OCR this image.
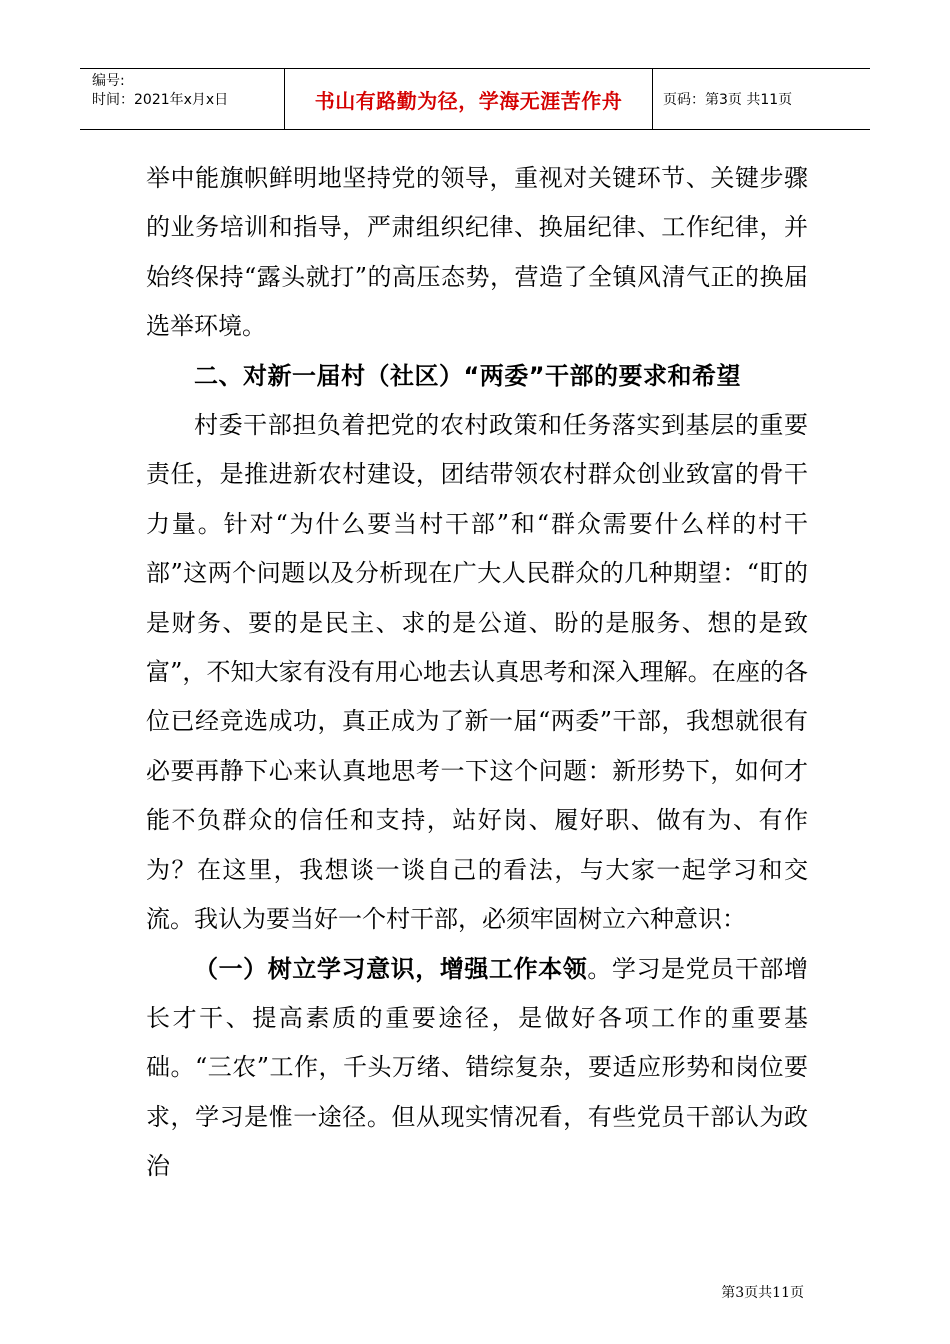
编号:
时间：2021年x月x日	书山有路勤为径，学海无涯苦作舟	页码：第3页 共11页

举中能旗帜鲜明地坚持党的领导，重视对关键环节、关键步骤的业务培训和指导，严肃组织纪律、换届纪律、工作纪律，并始终保持“露头就打”的高压态势，营造了全镇风清气正的换届选举环境。

二、对新一届村（社区）“两委”干部的要求和希望

村委干部担负着把党的农村政策和任务落实到基层的重要责任，是推进新农村建设，团结带领农村群众创业致富的骨干力量。针对“为什么要当村干部”和“群众需要什么样的村干部”这两个问题以及分析现在广大人民群众的几种期望：“盯的是财务、要的是民主、求的是公道、盼的是服务、想的是致富”，不知大家有没有用心地去认真思考和深入理解。在座的各位已经竞选成功，真正成为了新一届“两委”干部，我想就很有必要再静下心来认真地思考一下这个问题：新形势下，如何才能不负群众的信任和支持，站好岗、履好职、做有为、有作为？在这里，我想谈一谈自己的看法，与大家一起学习和交流。我认为要当好一个村干部，必须牢固树立六种意识：

（一）树立学习意识，增强工作本领。学习是党员干部增长才干、提高素质的重要途径，是做好各项工作的重要基础。“三农”工作，千头万绪、错综复杂，要适应形势和岗位要求，学习是惟一途径。但从现实情况看，有些党员干部认为政治

第3页共11页
